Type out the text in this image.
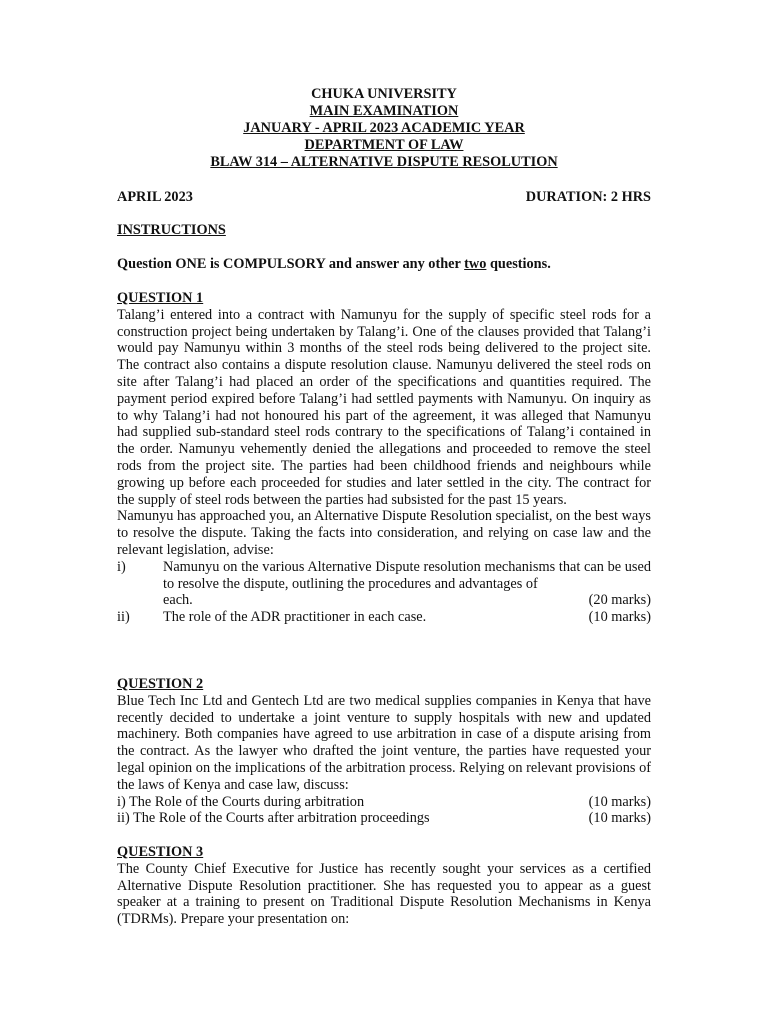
CHUKA UNIVERSITY
MAIN EXAMINATION
JANUARY - APRIL 2023 ACADEMIC YEAR
DEPARTMENT OF LAW
BLAW 314 – ALTERNATIVE DISPUTE RESOLUTION
APRIL 2023	DURATION: 2 HRS
INSTRUCTIONS
Question ONE is COMPULSORY and answer any other two questions.
QUESTION 1
Talang’i entered into a contract with Namunyu for the supply of specific steel rods for a construction project being undertaken by Talang’i. One of the clauses provided that Talang’i would pay Namunyu within 3 months of the steel rods being delivered to the project site. The contract also contains a dispute resolution clause. Namunyu delivered the steel rods on site after Talang’i had placed an order of the specifications and quantities required. The payment period expired before Talang’i had settled payments with Namunyu. On inquiry as to why Talang’i had not honoured his part of the agreement, it was alleged that Namunyu had supplied sub-standard steel rods contrary to the specifications of Talang’i contained in the order. Namunyu vehemently denied the allegations and proceeded to remove the steel rods from the project site. The parties had been childhood friends and neighbours while growing up before each proceeded for studies and later settled in the city. The contract for the supply of steel rods between the parties had subsisted for the past 15 years.
Namunyu has approached you, an Alternative Dispute Resolution specialist, on the best ways to resolve the dispute. Taking the facts into consideration, and relying on case law and the relevant legislation, advise:
i)	Namunyu on the various Alternative Dispute resolution mechanisms that can be used to resolve the dispute, outlining the procedures and advantages of
each.	(20 marks)
ii)	The role of the ADR practitioner in each case.	(10 marks)
QUESTION 2
Blue Tech Inc Ltd and Gentech Ltd are two medical supplies companies in Kenya that have recently decided to undertake a joint venture to supply hospitals with new and updated machinery. Both companies have agreed to use arbitration in case of a dispute arising from the contract. As the lawyer who drafted the joint venture, the parties have requested your legal opinion on the implications of the arbitration process. Relying on relevant provisions of the laws of Kenya and case law, discuss:
i) The Role of the Courts during arbitration	(10 marks)
ii) The Role of the Courts after arbitration proceedings	(10 marks)
QUESTION 3
The County Chief Executive for Justice has recently sought your services as a certified Alternative Dispute Resolution practitioner. She has requested you to appear as a guest speaker at a training to present on Traditional Dispute Resolution Mechanisms in Kenya (TDRMs). Prepare your presentation on:
